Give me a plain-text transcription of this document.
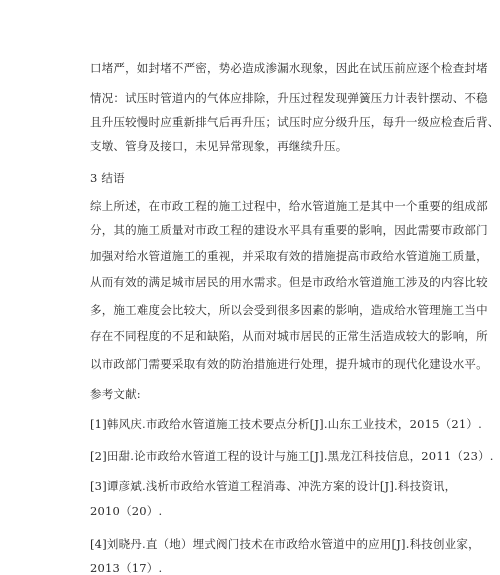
口堵严，如封堵不严密，势必造成渗漏水现象，因此在试压前应逐个检查封堵
情况：试压时管道内的气体应排除，升压过程发现弹簧压力计表针摆动、不稳
且升压较慢时应重新排气后再升压；试压时应分级升压，每升一级应检查后背、
支墩、管身及接口，未见异常现象，再继续升压。
3 结语
综上所述，在市政工程的施工过程中，给水管道施工是其中一个重要的组成部
分，其的施工质量对市政工程的建设水平具有重要的影响，因此需要市政部门
加强对给水管道施工的重视，并采取有效的措施提高市政给水管道施工质量，
从而有效的满足城市居民的用水需求。但是市政给水管道施工涉及的内容比较
多，施工难度会比较大，所以会受到很多因素的影响，造成给水管理施工当中
存在不同程度的不足和缺陷，从而对城市居民的正常生活造成较大的影响，所
以市政部门需要采取有效的防治措施进行处理，提升城市的现代化建设水平。
参考文献:
[1]韩风庆.市政给水管道施工技术要点分析[J].山东工业技术，2015（21）.
[2]田甜.论市政给水管道工程的设计与施工[J].黑龙江科技信息，2011（23）.
[3]谭彦斌.浅析市政给水管道工程消毒、冲洗方案的设计[J].科技资讯，
2010（20）.
[4]刘晓丹.直（地）埋式阀门技术在市政给水管道中的应用[J].科技创业家，
2013（17）.
